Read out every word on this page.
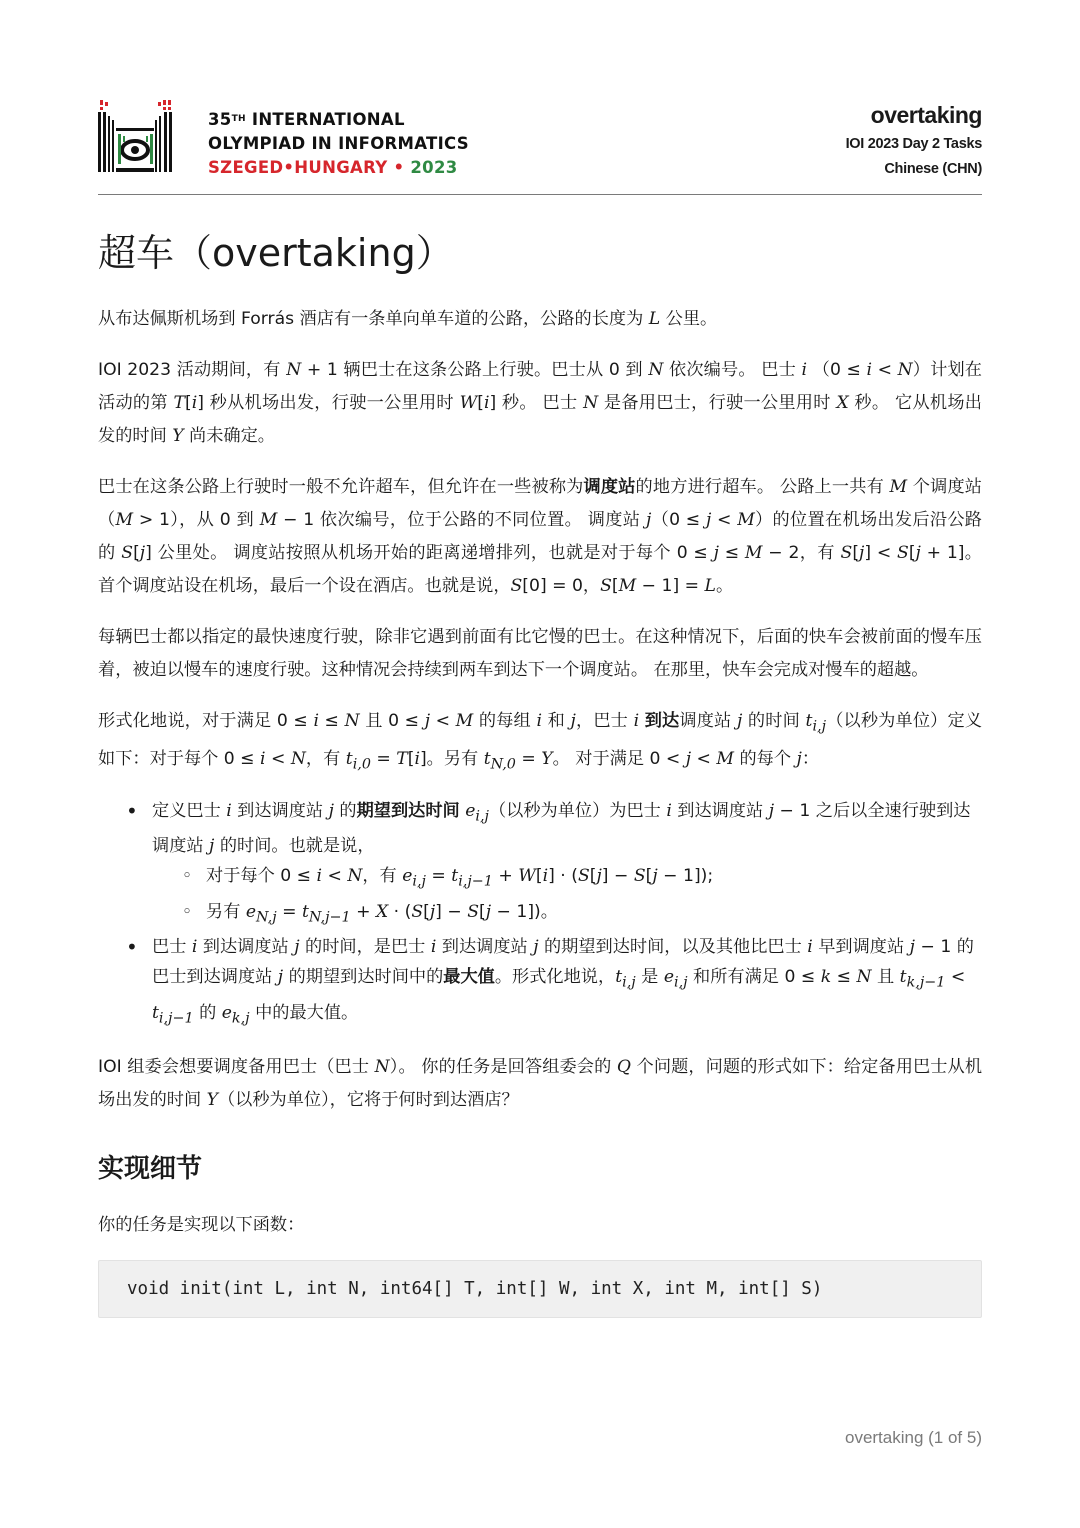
35TH INTERNATIONAL
OLYMPIAD IN INFORMATICS
SZEGED•HUNGARY • 2023
overtaking
IOI 2023 Day 2 Tasks
Chinese (CHN)
超车（overtaking）

从布达佩斯机场到 Forrás 酒店有一条单向单车道的公路，公路的长度为 L 公里。

IOI 2023 活动期间，有 N + 1 辆巴士在这条公路上行驶。巴士从 0 到 N 依次编号。 巴士 i （0 ≤ i < N）计划在活动的第 T[i] 秒从机场出发，行驶一公里用时 W[i] 秒。 巴士 N 是备用巴士，行驶一公里用时 X 秒。 它从机场出发的时间 Y 尚未确定。

巴士在这条公路上行驶时一般不允许超车，但允许在一些被称为调度站的地方进行超车。 公路上一共有 M 个调度站（M > 1），从 0 到 M − 1 依次编号，位于公路的不同位置。 调度站 j（0 ≤ j < M）的位置在机场出发后沿公路的 S[j] 公里处。 调度站按照从机场开始的距离递增排列，也就是对于每个 0 ≤ j ≤ M − 2，有 S[j] < S[j + 1]。 首个调度站设在机场，最后一个设在酒店。也就是说，S[0] = 0，S[M − 1] = L。

每辆巴士都以指定的最快速度行驶，除非它遇到前面有比它慢的巴士。在这种情况下，后面的快车会被前面的慢车压着，被迫以慢车的速度行驶。这种情况会持续到两车到达下一个调度站。 在那里，快车会完成对慢车的超越。

形式化地说，对于满足 0 ≤ i ≤ N 且 0 ≤ j < M 的每组 i 和 j，巴士 i 到达调度站 j 的时间 $t_{i,j}$（以秒为单位）定义如下：对于每个 0 ≤ i < N，有 $t_{i,0} = T[i]$。另有 $t_{N,0} = Y$。 对于满足 0 < j < M 的每个 j：

• 定义巴士 i 到达调度站 j 的期望到达时间 $e_{i,j}$（以秒为单位）为巴士 i 到达调度站 j − 1 之后以全速行驶到达调度站 j 的时间。也就是说，
◦ 对于每个 0 ≤ i < N，有 $e_{i,j} = t_{i,j-1} + W[i] \cdot (S[j] - S[j - 1])$;
◦ 另有 $e_{N,j} = t_{N,j-1} + X \cdot (S[j] - S[j - 1])$。
• 巴士 i 到达调度站 j 的时间，是巴士 i 到达调度站 j 的期望到达时间，以及其他比巴士 i 早到调度站 j − 1 的巴士到达调度站 j 的期望到达时间中的最大值。形式化地说，$t_{i,j}$ 是 $e_{i,j}$ 和所有满足 0 ≤ k ≤ N 且 $t_{k,j-1} < t_{i,j-1}$ 的 $e_{k,j}$ 中的最大值。

IOI 组委会想要调度备用巴士（巴士 N）。 你的任务是回答组委会的 Q 个问题，问题的形式如下：给定备用巴士从机场出发的时间 Y（以秒为单位），它将于何时到达酒店？

实现细节

你的任务是实现以下函数：

void init(int L, int N, int64[] T, int[] W, int X, int M, int[] S)
overtaking (1 of 5)
